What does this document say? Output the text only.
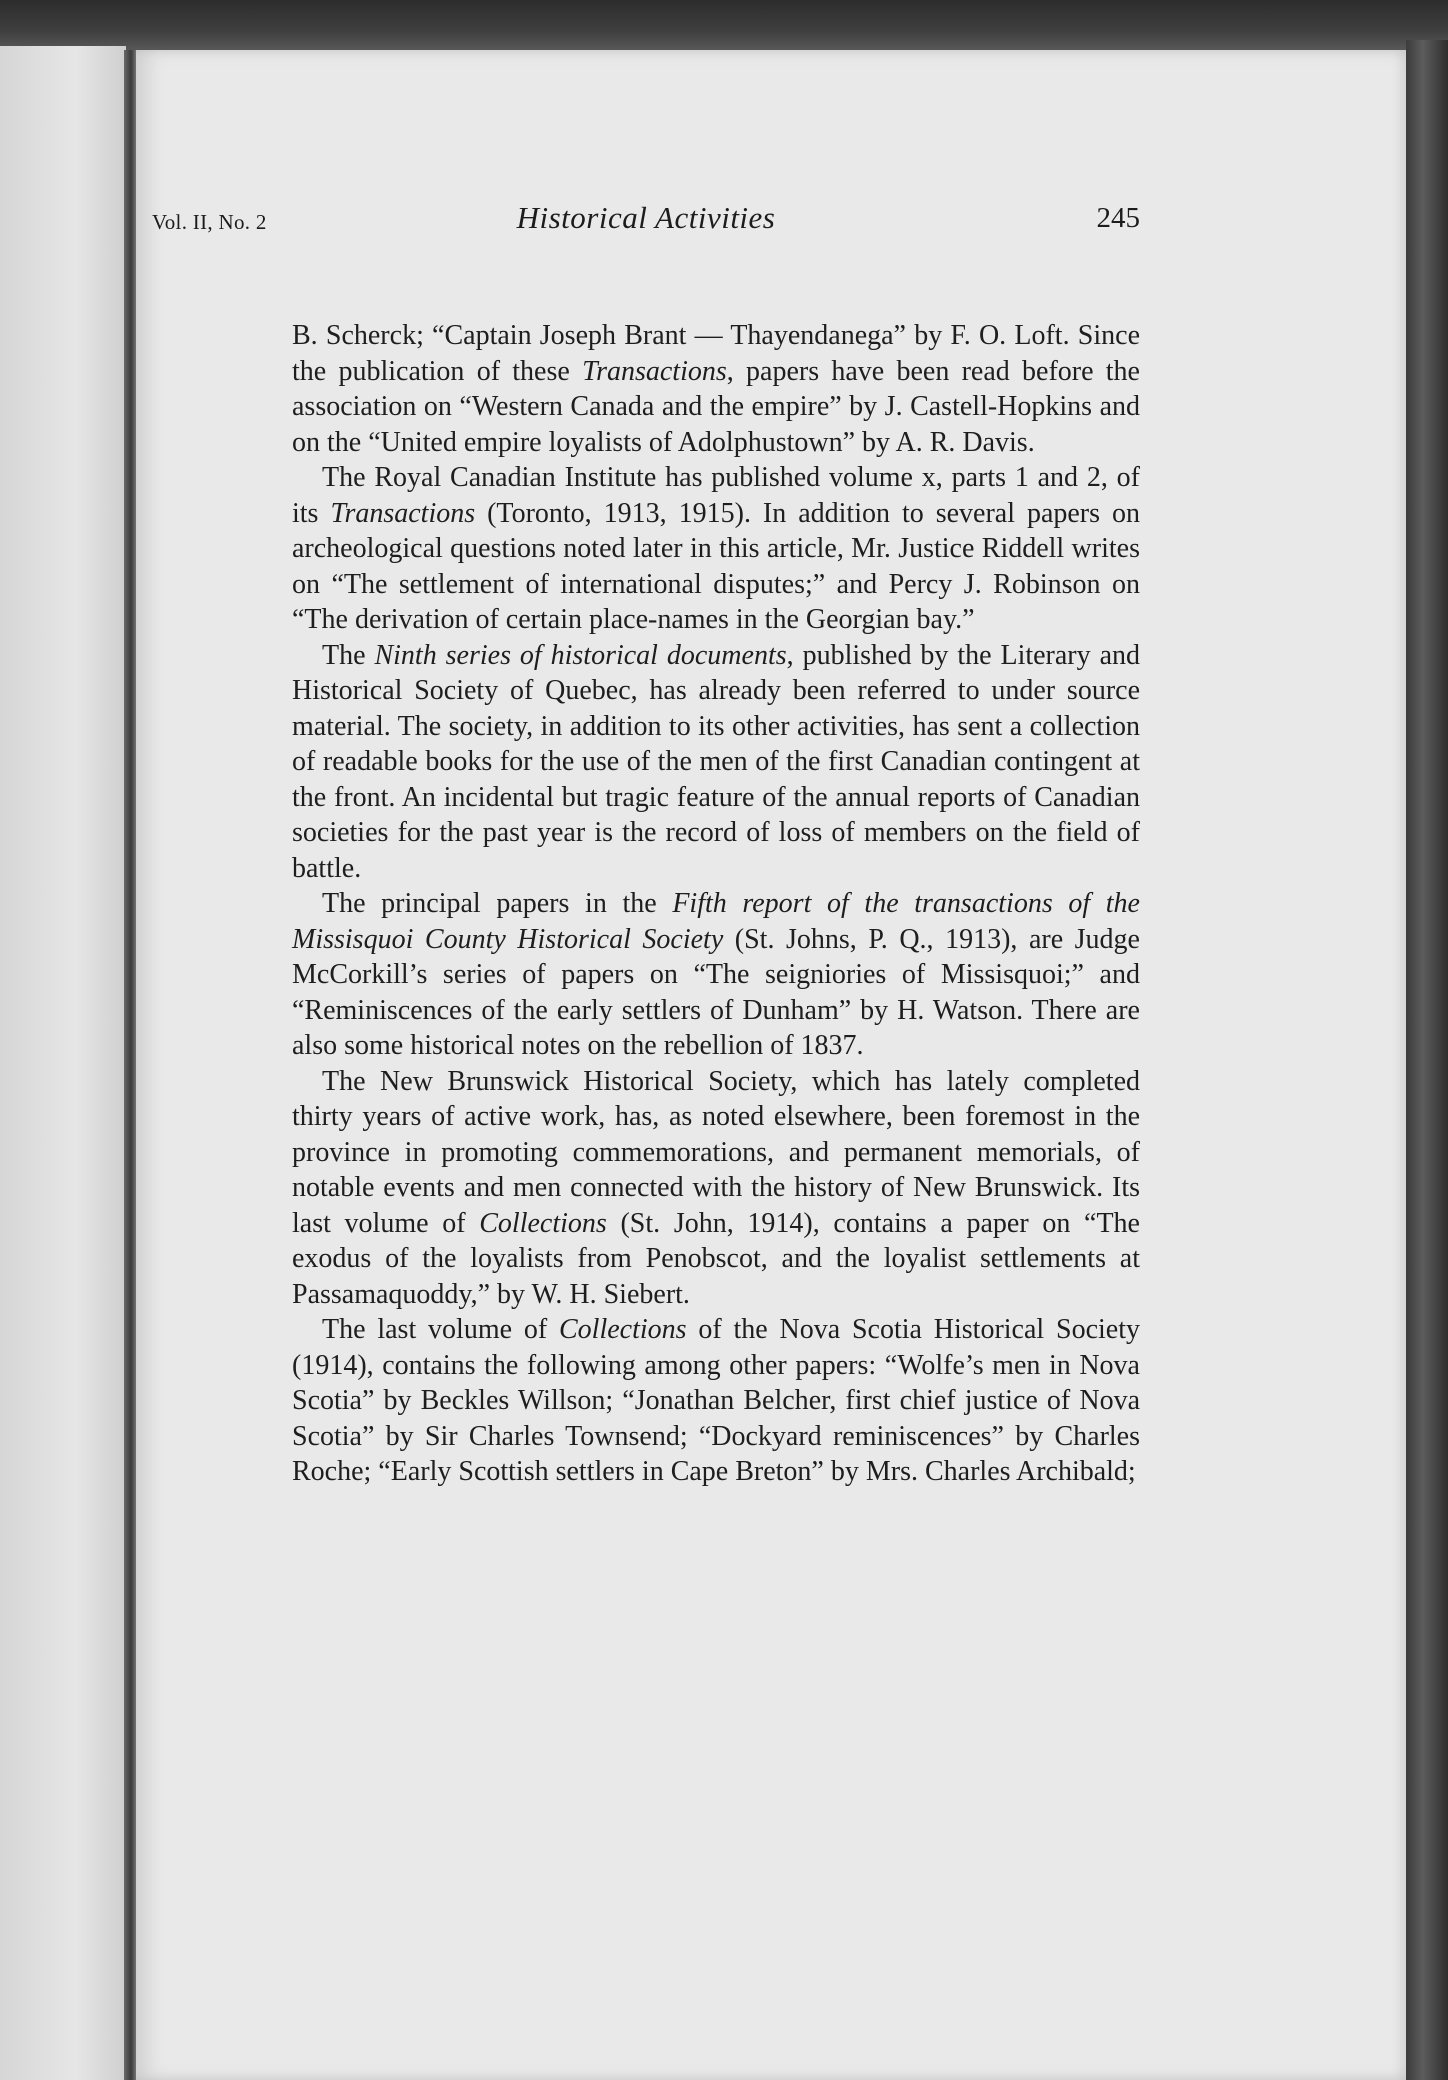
Vol. II, No. 2	Historical Activities	245

B. Scherck; “Captain Joseph Brant — Thayendanega” by F. O. Loft. Since the publication of these Transactions, papers have been read before the association on “Western Canada and the empire” by J. Castell-Hopkins and on the “United empire loyalists of Adolphustown” by A. R. Davis.

The Royal Canadian Institute has published volume x, parts 1 and 2, of its Transactions (Toronto, 1913, 1915). In addition to several papers on archeological questions noted later in this article, Mr. Justice Riddell writes on “The settlement of international disputes;” and Percy J. Robinson on “The derivation of certain place-names in the Georgian bay.”

The Ninth series of historical documents, published by the Literary and Historical Society of Quebec, has already been referred to under source material. The society, in addition to its other activities, has sent a collection of readable books for the use of the men of the first Canadian contingent at the front. An incidental but tragic feature of the annual reports of Canadian societies for the past year is the record of loss of members on the field of battle.

The principal papers in the Fifth report of the transactions of the Missisquoi County Historical Society (St. Johns, P. Q., 1913), are Judge McCorkill’s series of papers on “The seigniories of Missisquoi;” and “Reminiscences of the early settlers of Dunham” by H. Watson. There are also some historical notes on the rebellion of 1837.

The New Brunswick Historical Society, which has lately completed thirty years of active work, has, as noted elsewhere, been foremost in the province in promoting commemorations, and permanent memorials, of notable events and men connected with the history of New Brunswick. Its last volume of Collections (St. John, 1914), contains a paper on “The exodus of the loyalists from Penobscot, and the loyalist settlements at Passamaquoddy,” by W. H. Siebert.

The last volume of Collections of the Nova Scotia Historical Society (1914), contains the following among other papers: “Wolfe’s men in Nova Scotia” by Beckles Willson; “Jonathan Belcher, first chief justice of Nova Scotia” by Sir Charles Townsend; “Dockyard reminiscences” by Charles Roche; “Early Scottish settlers in Cape Breton” by Mrs. Charles Archibald;
